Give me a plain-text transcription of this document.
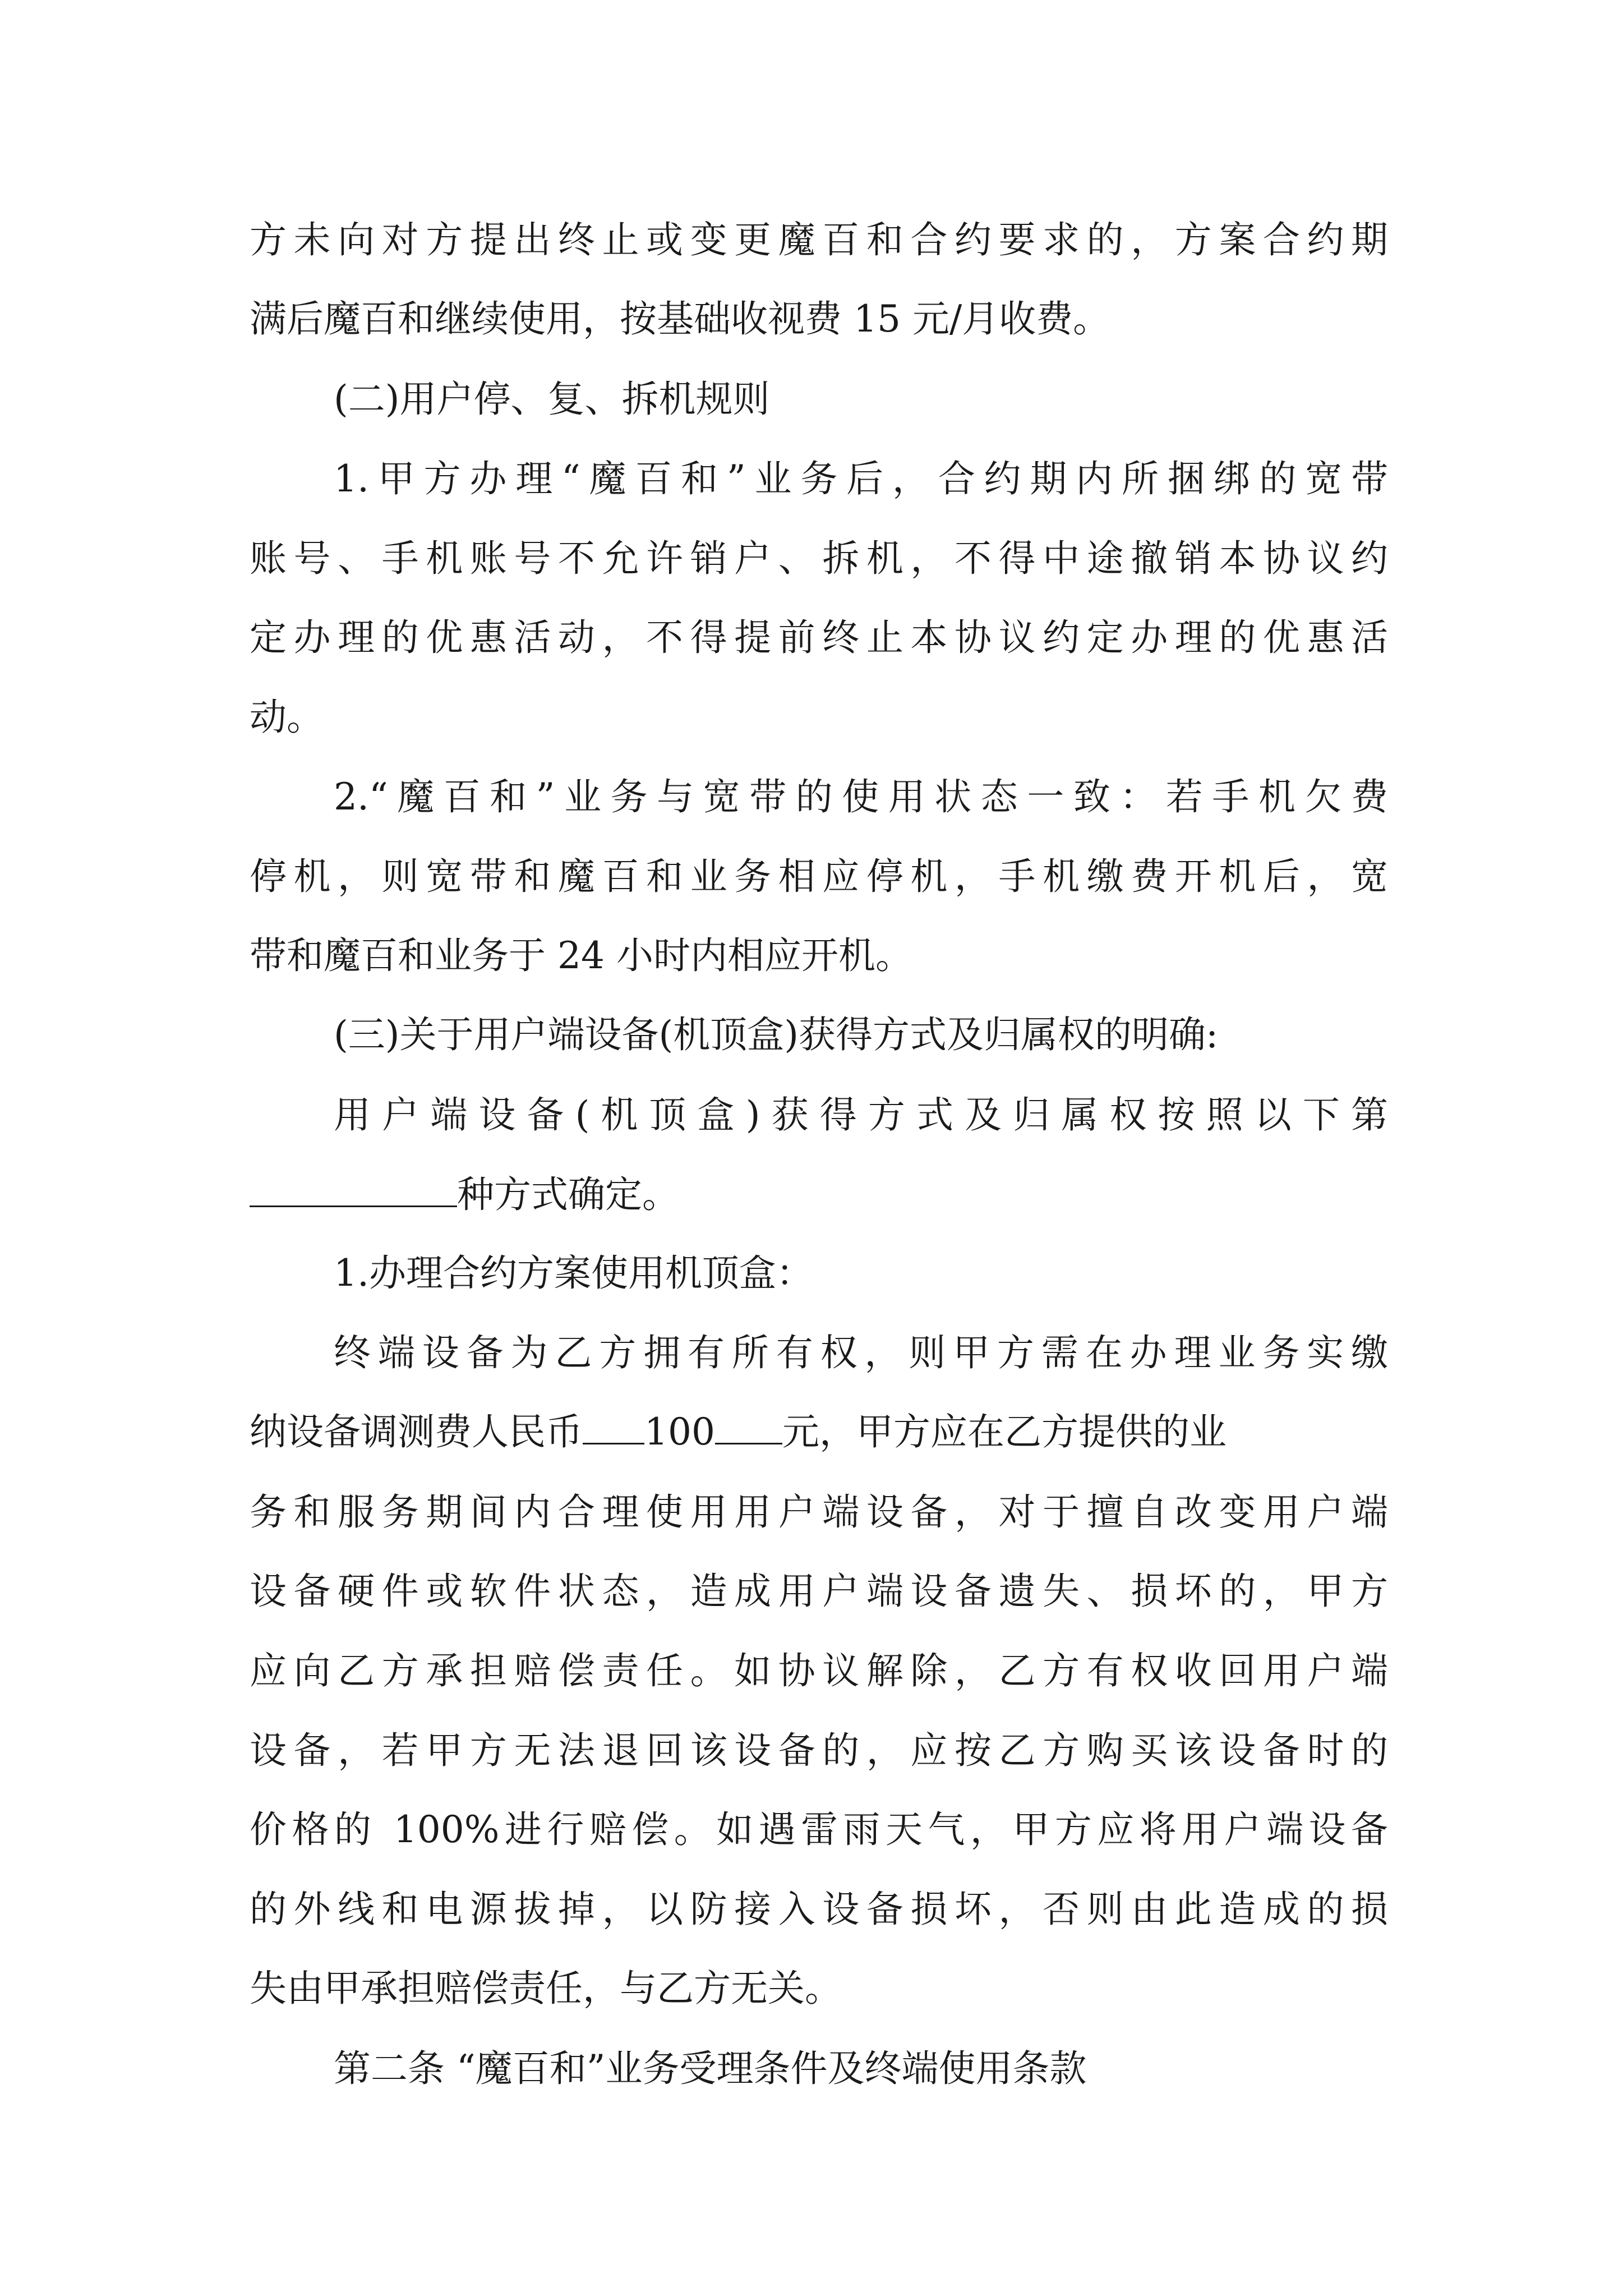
方未向对方提出终止或变更魔百和合约要求的，方案合约期
满后魔百和继续使用，按基础收视费 15 元/月收费。
(二)用户停、复、拆机规则
1.甲方办理“魔百和”业务后，合约期内所捆绑的宽带
账号、手机账号不允许销户、拆机，不得中途撤销本协议约
定办理的优惠活动，不得提前终止本协议约定办理的优惠活
动。
2.“魔百和”业务与宽带的使用状态一致：若手机欠费
停机，则宽带和魔百和业务相应停机，手机缴费开机后，宽
带和魔百和业务于 24 小时内相应开机。
(三)关于用户端设备(机顶盒)获得方式及归属权的明确:
用户端设备(机顶盒)获得方式及归属权按照以下第
种方式确定。
1.办理合约方案使用机顶盒：
终端设备为乙方拥有所有权，则甲方需在办理业务实缴
纳设备调测费人民币 100 元，甲方应在乙方提供的业
务和服务期间内合理使用用户端设备，对于擅自改变用户端
设备硬件或软件状态，造成用户端设备遗失、损坏的，甲方
应向乙方承担赔偿责任。如协议解除，乙方有权收回用户端
设备，若甲方无法退回该设备的，应按乙方购买该设备时的
价格的 100%进行赔偿。如遇雷雨天气，甲方应将用户端设备
的外线和电源拔掉，以防接入设备损坏，否则由此造成的损
失由甲承担赔偿责任，与乙方无关。
第二条 “魔百和”业务受理条件及终端使用条款
